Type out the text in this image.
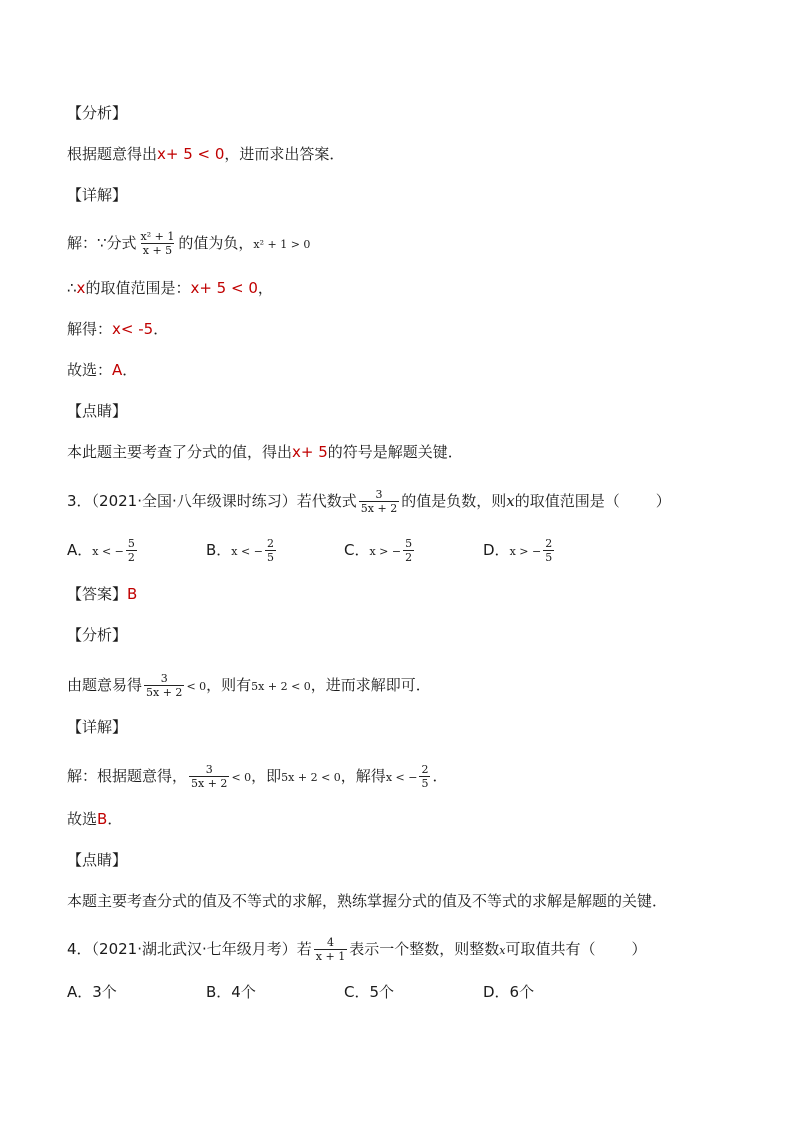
【分析】
根据题意得出x+ 5 < 0，进而求出答案．
【详解】
解：∵分式 $\frac{\text{x² + 1}}{x + 5}$ 的值为负，x² + 1 > 0
∴x的取值范围是：x+ 5 < 0，
解得：x< -5．
故选：A．
【点睛】
本此题主要考查了分式的值，得出x+ 5的符号是解题关键．
3．（2021·全国·八年级课时练习）若代数式 $\frac{3}{5x + 2}$ 的值是负数，则x的取值范围是（ ）
A．x < − $\frac{5}{2}$	B．x < − $\frac{2}{5}$	C．x > − $\frac{5}{2}$	D．x > − $\frac{2}{5}$
【答案】B
【分析】
由题意易得 $\frac{3}{5x + 2} < 0$，则有5x + 2 < 0，进而求解即可．
【详解】
解：根据题意得， $\frac{3}{5x + 2} < 0$，即5x + 2 < 0，解得x < − $\frac{2}{5}$ ．
故选B．
【点睛】
本题主要考查分式的值及不等式的求解，熟练掌握分式的值及不等式的求解是解题的关键．
4．（2021·湖北武汉·七年级月考）若 $\frac{4}{x + 1}$ 表示一个整数，则整数x可取值共有（ ）
A．3个	B．4个	C．5个	D．6个
